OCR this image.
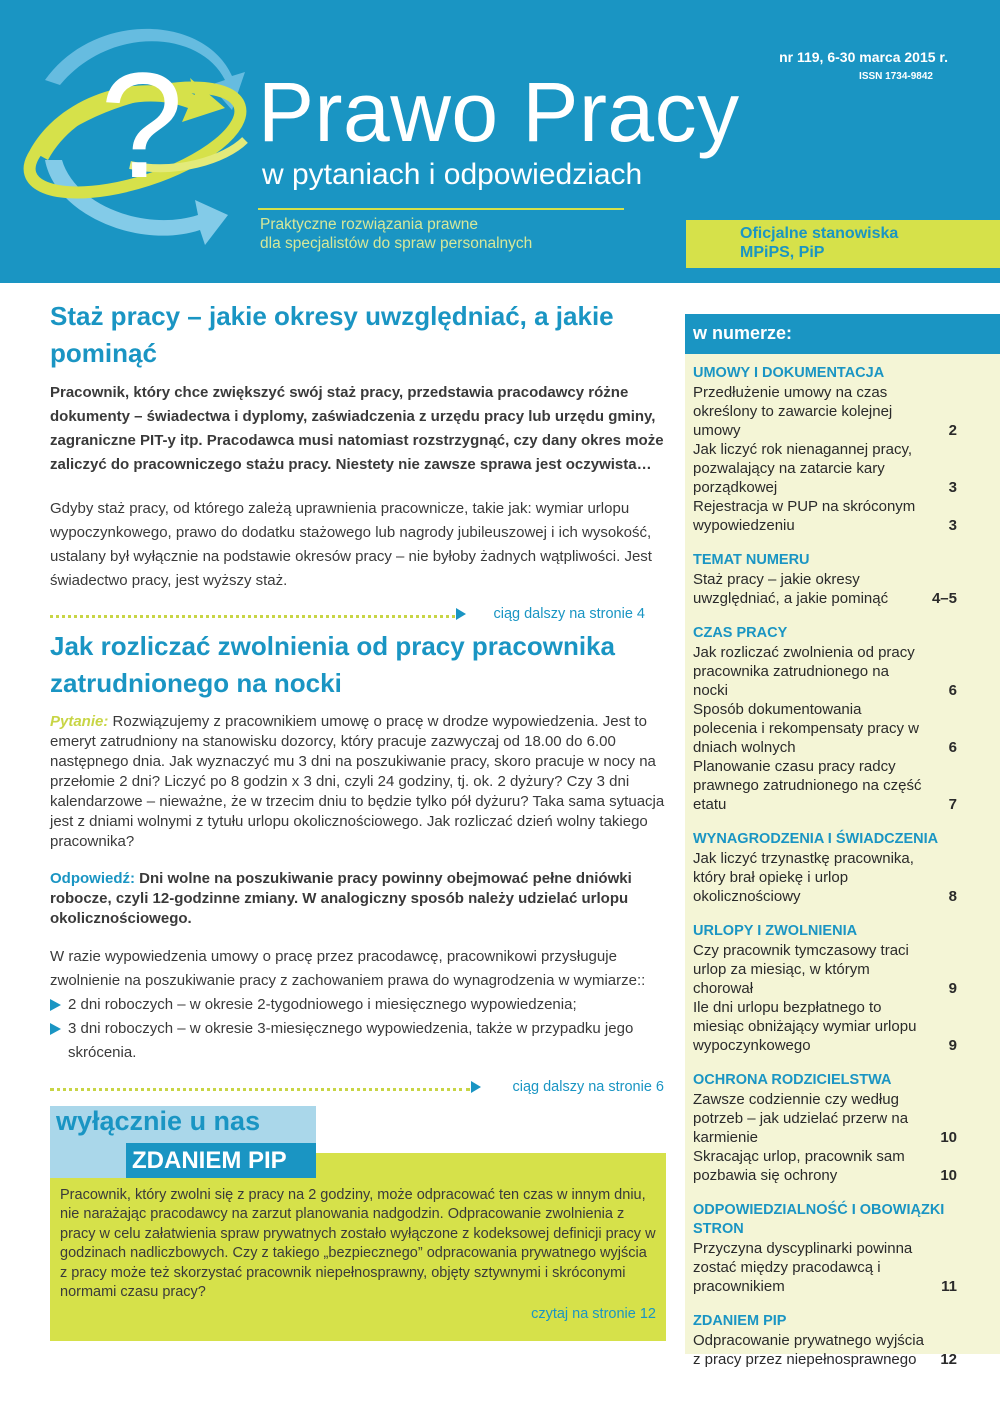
?	nr 119, 6-30 marca 2015 r.
ISSN 1734-9842
Prawo Pracy
w pytaniach i odpowiedziach
Praktyczne rozwiązania prawne
dla specjalistów do spraw personalnych
Oficjalne stanowiska
MPiPS, PiP
Staż pracy – jakie okresy uwzględniać, a jakie pominąć

Pracownik, który chce zwiększyć swój staż pracy, przedstawia pracodawcy różne dokumenty – świadectwa i dyplomy, zaświadczenia z urzędu pracy lub urzędu gminy, zagraniczne PIT-y itp. Pracodawca musi natomiast rozstrzygnąć, czy dany okres może zaliczyć do pracowniczego stażu pracy. Niestety nie zawsze sprawa jest oczywista…

Gdyby staż pracy, od którego zależą uprawnienia pracownicze, takie jak: wymiar urlopu wypoczynkowego, prawo do dodatku stażowego lub nagrody jubileuszowej i ich wysokość, ustalany był wyłącznie na podstawie okresów pracy – nie byłoby żadnych wątpliwości. Jest świadectwo pracy, jest wyższy staż.

ciąg dalszy na stronie 4
Jak rozliczać zwolnienia od pracy pracownika zatrudnionego na nocki

Pytanie: Rozwiązujemy z pracownikiem umowę o pracę w drodze wypowiedzenia. Jest to emeryt zatrudniony na stanowisku dozorcy, który pracuje zazwyczaj od 18.00 do 6.00 następnego dnia. Jak wyznaczyć mu 3 dni na poszukiwanie pracy, skoro pracuje w nocy na przełomie 2 dni? Liczyć po 8 godzin x 3 dni, czyli 24 godziny, tj. ok. 2 dyżury? Czy 3 dni kalendarzowe – nieważne, że w trzecim dniu to będzie tylko pół dyżuru? Taka sama sytuacja jest z dniami wolnymi z tytułu urlopu okolicznościowego. Jak rozliczać dzień wolny takiego pracownika?

Odpowiedź: Dni wolne na poszukiwanie pracy powinny obejmować pełne dniówki robocze, czyli 12-godzinne zmiany. W analogiczny sposób należy udzielać urlopu okolicznościowego.

W razie wypowiedzenia umowy o pracę przez pracodawcę, pracownikowi przysługuje zwolnienie na poszukiwanie pracy z zachowaniem prawa do wynagrodzenia w wymiarze::

2 dni roboczych – w okresie 2-tygodniowego i miesięcznego wypowiedzenia;
3 dni roboczych – w okresie 3-miesięcznego wypowiedzenia, także w przypadku jego skrócenia.
ciąg dalszy na stronie 6
wyłącznie u nas
ZDANIEM PIP

Pracownik, który zwolni się z pracy na 2 godziny, może odpracować ten czas w innym dniu, nie narażając pracodawcy na zarzut planowania nadgodzin. Odpracowanie zwolnienia z pracy w celu załatwienia spraw prywatnych zostało wyłączone z kodeksowej definicji pracy w godzinach nadliczbowych. Czy z takiego „bezpiecznego” odpracowania prywatnego wyjścia z pracy może też skorzystać pracownik niepełnosprawny, objęty sztywnymi i skróconymi normami czasu pracy?

czytaj na stronie 12
w numerze:
UMOWY I DOKUMENTACJA
Przedłużenie umowy na czas określony to zawarcie kolejnej umowy	2
Jak liczyć rok nienagannej pracy, pozwalający na zatarcie kary porządkowej	3
Rejestracja w PUP na skróconym wypowiedzeniu	3
TEMAT NUMERU
Staż pracy – jakie okresy uwzględniać, a jakie pominąć	4–5
CZAS PRACY
Jak rozliczać zwolnienia od pracy pracownika zatrudnionego na nocki	6
Sposób dokumentowania polecenia i rekompensaty pracy w dniach wolnych	6
Planowanie czasu pracy radcy prawnego zatrudnionego na część etatu	7
WYNAGRODZENIA I ŚWIADCZENIA
Jak liczyć trzynastkę pracownika, który brał opiekę i urlop okolicznościowy	8
URLOPY I ZWOLNIENIA
Czy pracownik tymczasowy traci urlop za miesiąc, w którym chorował	9
Ile dni urlopu bezpłatnego to miesiąc obniżający wymiar urlopu wypoczynkowego	9
OCHRONA RODZICIELSTWA
Zawsze codziennie czy według potrzeb – jak udzielać przerw na karmienie	10
Skracając urlop, pracownik sam pozbawia się ochrony	10
ODPOWIEDZIALNOŚĆ I OBOWIĄZKI STRON
Przyczyna dyscyplinarki powinna zostać między pracodawcą i pracownikiem	11
ZDANIEM PIP
Odpracowanie prywatnego wyjścia z pracy przez niepełnosprawnego 12
